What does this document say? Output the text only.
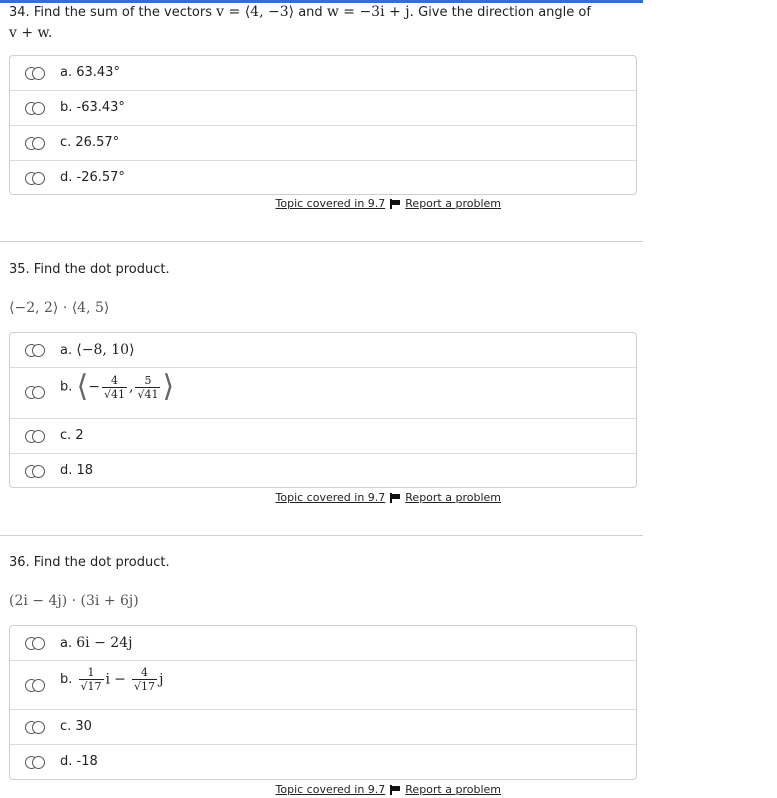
34. Find the sum of the vectors v = ⟨4, −3⟩ and w = −3i + j. Give the direction angle of
v + w.
a. 63.43°
b. -63.43°
c. 26.57°
d. -26.57°
Topic covered in 9.7 Report a problem
35. Find the dot product.
⟨−2, 2⟩ · ⟨4, 5⟩
a. ⟨−8, 10⟩
b. ⟨− $\frac{4}{√41}$ , $\frac{5}{√41}$ ⟩
c. 2
d. 18
Topic covered in 9.7 Report a problem
36. Find the dot product.
(2i − 4j) · (3i + 6j)
a. 6i − 24j
b. $\frac{1}{√17}$ $i - \frac{4}{√17}$ j
c. 30
d. -18
Topic covered in 9.7 Report a problem
